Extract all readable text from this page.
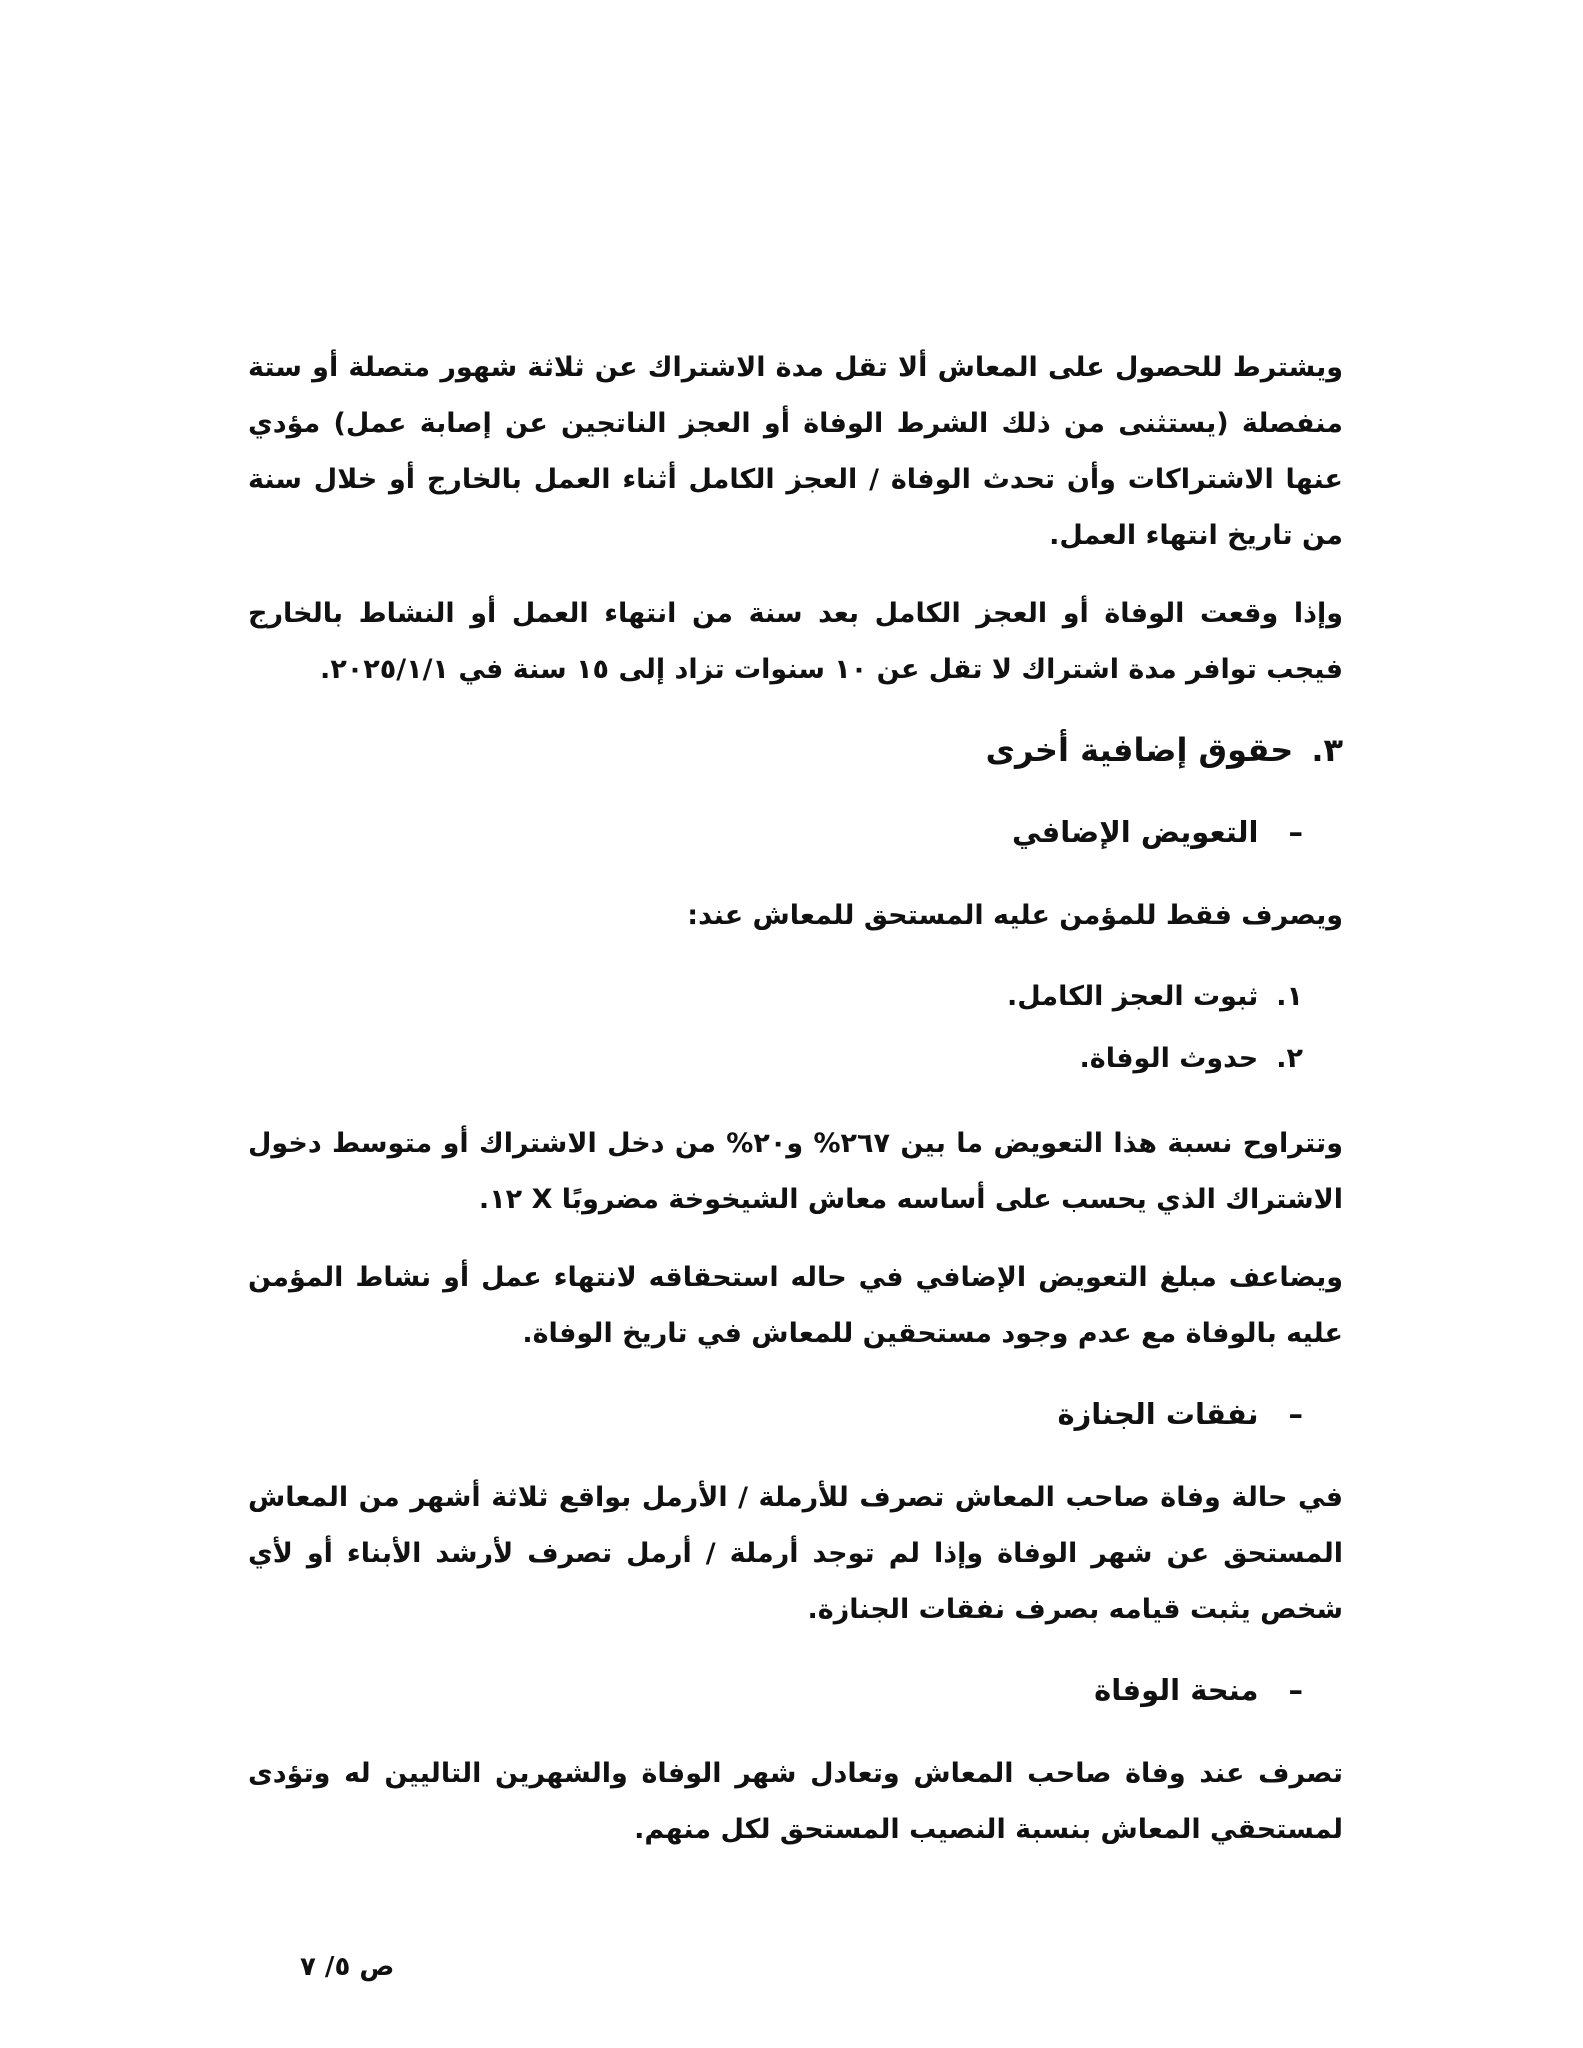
ويشترط للحصول على المعاش ألا تقل مدة الاشتراك عن ثلاثة شهور متصلة أو ستة منفصلة (يستثنى من ذلك الشرط الوفاة أو العجز الناتجين عن إصابة عمل) مؤدي عنها الاشتراكات وأن تحدث الوفاة / العجز الكامل أثناء العمل بالخارج أو خلال سنة من تاريخ انتهاء العمل.

وإذا وقعت الوفاة أو العجز الكامل بعد سنة من انتهاء العمل أو النشاط بالخارج فيجب توافر مدة اشتراك لا تقل عن ١٠ سنوات تزاد إلى ١٥ سنة في ٢٠٢٥/١/١.

٣.حقوق إضافية أخرى

–التعويض الإضافي

ويصرف فقط للمؤمن عليه المستحق للمعاش عند:

١.ثبوت العجز الكامل.
٢.حدوث الوفاة.

وتتراوح نسبة هذا التعويض ما بين ٢٦٧% و٢٠% من دخل الاشتراك أو متوسط دخول الاشتراك الذي يحسب على أساسه معاش الشيخوخة مضروبًا X ١٢.

ويضاعف مبلغ التعويض الإضافي في حاله استحقاقه لانتهاء عمل أو نشاط المؤمن عليه بالوفاة مع عدم وجود مستحقين للمعاش في تاريخ الوفاة.

–نفقات الجنازة

في حالة وفاة صاحب المعاش تصرف للأرملة / الأرمل بواقع ثلاثة أشهر من المعاش المستحق عن شهر الوفاة وإذا لم توجد أرملة / أرمل تصرف لأرشد الأبناء أو لأي شخص يثبت قيامه بصرف نفقات الجنازة.

–منحة الوفاة

تصرف عند وفاة صاحب المعاش وتعادل شهر الوفاة والشهرين التاليين له وتؤدى لمستحقي المعاش بنسبة النصيب المستحق لكل منهم.

ص ٥/ ٧
